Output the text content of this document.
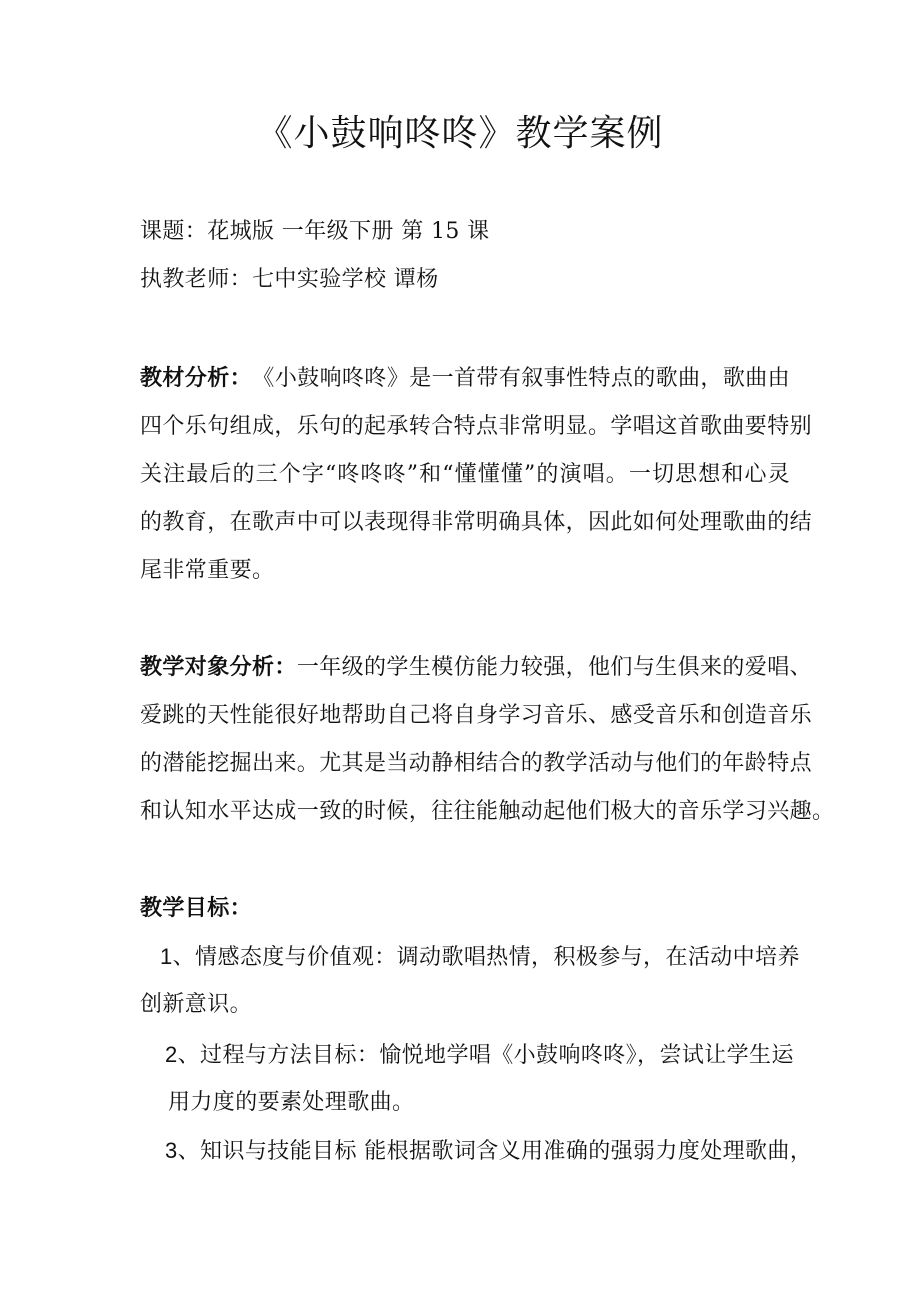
《小鼓响咚咚》教学案例
课题：花城版 一年级下册 第 15 课
执教老师：七中实验学校 谭杨
教材分析：　《小鼓响咚咚》是一首带有叙事性特点的歌曲，歌曲由
四个乐句组成，乐句的起承转合特点非常明显。学唱这首歌曲要特别
关注最后的三个字“咚咚咚”和“懂懂懂”的演唱。一切思想和心灵
的教育，在歌声中可以表现得非常明确具体，因此如何处理歌曲的结
尾非常重要。
教学对象分析：一年级的学生模仿能力较强，他们与生俱来的爱唱、
爱跳的天性能很好地帮助自己将自身学习音乐、感受音乐和创造音乐
的潜能挖掘出来。尤其是当动静相结合的教学活动与他们的年龄特点
和认知水平达成一致的时候，往往能触动起他们极大的音乐学习兴趣。
教学目标：
1、情感态度与价值观：调动歌唱热情，积极参与，在活动中培养
创新意识。
2、过程与方法目标：愉悦地学唱《小鼓响咚咚》，尝试让学生运
用力度的要素处理歌曲。
3、知识与技能目标 能根据歌词含义用准确的强弱力度处理歌曲，
